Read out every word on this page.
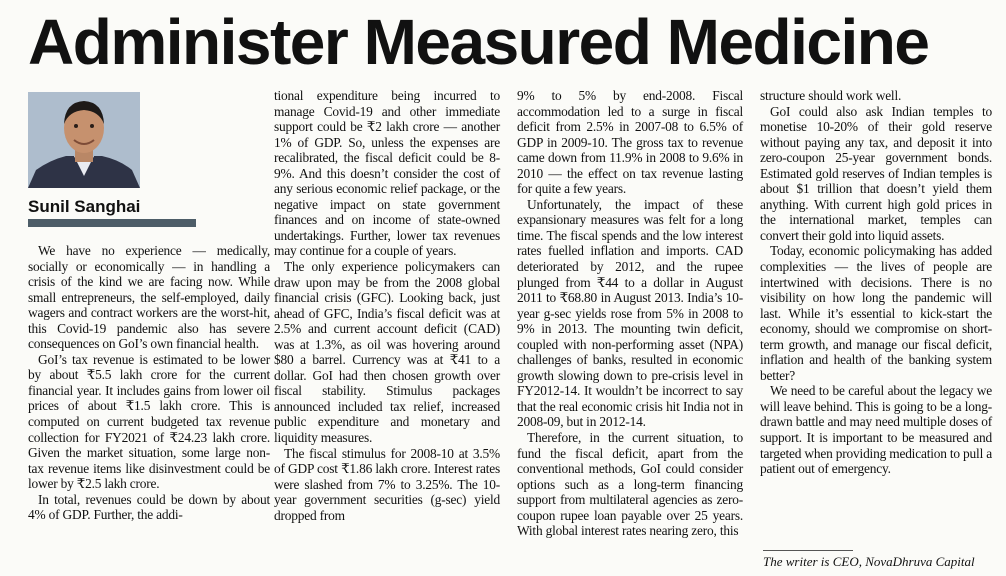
Administer Measured Medicine
Sunil Sanghai

We have no experience — medically, socially or economically — in handling a crisis of the kind we are facing now. While small entrepreneurs, the self-employed, daily wagers and contract workers are the worst-hit, this Covid-19 pandemic also has severe consequences on GoI’s own financial health.

GoI’s tax revenue is estimated to be lower by about ₹5.5 lakh crore for the current financial year. It includes gains from lower oil prices of about ₹1.5 lakh crore. This is computed on current budgeted tax revenue collection for FY2021 of ₹24.23 lakh crore. Given the market situation, some large non-tax revenue items like disinvestment could be lower by ₹2.5 lakh crore.

In total, revenues could be down by about 4% of GDP. Further, the addi-

tional expenditure being incurred to manage Covid-19 and other immediate support could be ₹2 lakh crore — another 1% of GDP. So, unless the expenses are recalibrated, the fiscal deficit could be 8-9%. And this doesn’t consider the cost of any serious economic relief package, or the negative impact on state government finances and on income of state-owned undertakings. Further, lower tax revenues may continue for a couple of years.

The only experience policymakers can draw upon may be from the 2008 global financial crisis (GFC). Looking back, just ahead of GFC, India’s fiscal deficit was at 2.5% and current account deficit (CAD) was at 1.3%, as oil was hovering around $80 a barrel. Currency was at ₹41 to a dollar. GoI had then chosen growth over fiscal stability. Stimulus packages announced included tax relief, increased public expenditure and monetary and liquidity measures.

The fiscal stimulus for 2008-10 at 3.5% of GDP cost ₹1.86 lakh crore. Interest rates were slashed from 7% to 3.25%. The 10-year government securities (g-sec) yield dropped from

9% to 5% by end-2008. Fiscal accommodation led to a surge in fiscal deficit from 2.5% in 2007-08 to 6.5% of GDP in 2009-10. The gross tax to revenue came down from 11.9% in 2008 to 9.6% in 2010 — the effect on tax revenue lasting for quite a few years.

Unfortunately, the impact of these expansionary measures was felt for a long time. The fiscal spends and the low interest rates fuelled inflation and imports. CAD deteriorated by 2012, and the rupee plunged from ₹44 to a dollar in August 2011 to ₹68.80 in August 2013. India’s 10-year g-sec yields rose from 5% in 2008 to 9% in 2013. The mounting twin deficit, coupled with non-performing asset (NPA) challenges of banks, resulted in economic growth slowing down to pre-crisis level in FY2012-14. It wouldn’t be incorrect to say that the real economic crisis hit India not in 2008-09, but in 2012-14.

Therefore, in the current situation, to fund the fiscal deficit, apart from the conventional methods, GoI could consider options such as a long-term financing support from multilateral agencies as zero-coupon rupee loan payable over 25 years. With global interest rates nearing zero, this

structure should work well.

GoI could also ask Indian temples to monetise 10-20% of their gold reserve without paying any tax, and deposit it into zero-coupon 25-year government bonds. Estimated gold reserves of Indian temples is about $1 trillion that doesn’t yield them anything. With current high gold prices in the international market, temples can convert their gold into liquid assets.

Today, economic policymaking has added complexities — the lives of people are intertwined with decisions. There is no visibility on how long the pandemic will last. While it’s essential to kick-start the economy, should we compromise on short-term growth, and manage our fiscal deficit, inflation and health of the banking system better?

We need to be careful about the legacy we will leave behind. This is going to be a long-drawn battle and may need multiple doses of support. It is important to be measured and targeted when providing medication to pull a patient out of emergency.

The writer is CEO, NovaDhruva Capital
